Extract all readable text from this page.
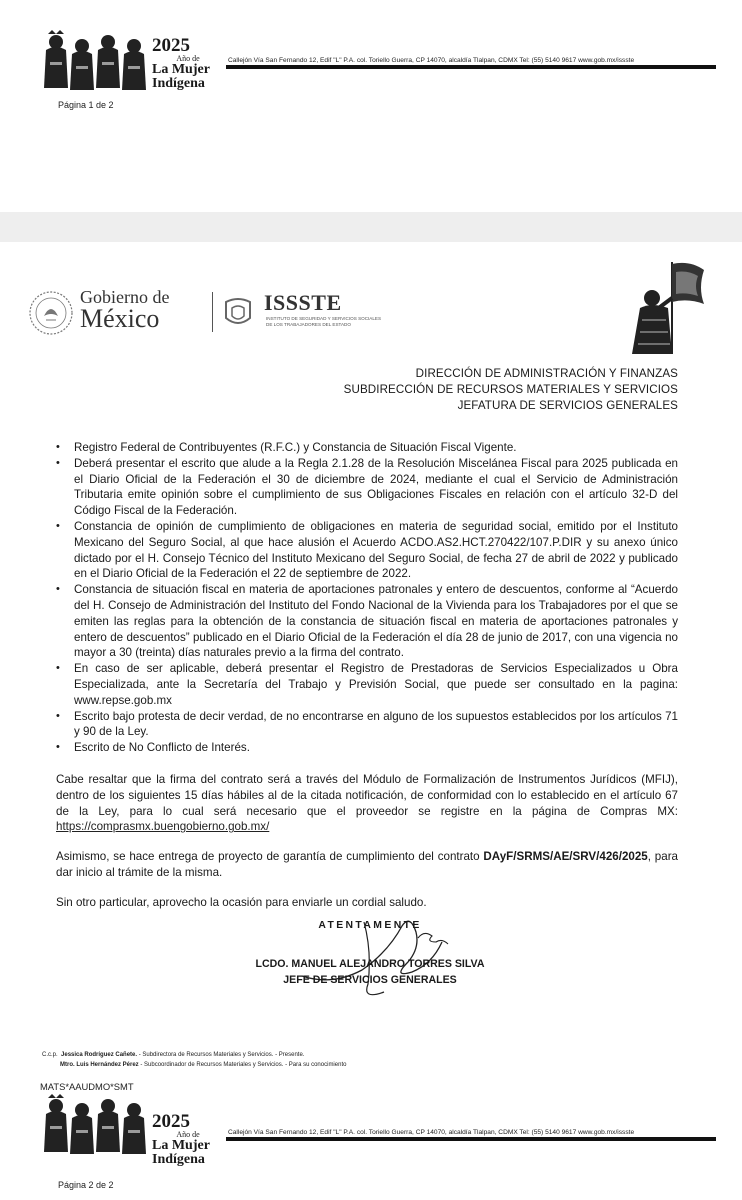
2025
Año de
La Mujer
Indígena
Callejón Vía San Fernando 12, Edif "L" P.A. col. Toriello Guerra, CP 14070, alcaldía Tlalpan, CDMX Tel: (55) 5140 9617 www.gob.mx/issste
Página 1 de 2
Gobierno de
México
ISSSTE
INSTITUTO DE SEGURIDAD Y SERVICIOS SOCIALES DE LOS TRABAJADORES DEL ESTADO
DIRECCIÓN DE ADMINISTRACIÓN Y FINANZAS
SUBDIRECCIÓN DE RECURSOS MATERIALES Y SERVICIOS
JEFATURA DE SERVICIOS GENERALES
• Registro Federal de Contribuyentes (R.F.C.) y Constancia de Situación Fiscal Vigente.
• Deberá presentar el escrito que alude a la Regla 2.1.28 de la Resolución Miscelánea Fiscal para 2025 publicada en el Diario Oficial de la Federación el 30 de diciembre de 2024, mediante el cual el Servicio de Administración Tributaria emite opinión sobre el cumplimiento de sus Obligaciones Fiscales en relación con el artículo 32-D del Código Fiscal de la Federación.
• Constancia de opinión de cumplimiento de obligaciones en materia de seguridad social, emitido por el Instituto Mexicano del Seguro Social, al que hace alusión el Acuerdo ACDO.AS2.HCT.270422/107.P.DIR y su anexo único dictado por el H. Consejo Técnico del Instituto Mexicano del Seguro Social, de fecha 27 de abril de 2022 y publicado en el Diario Oficial de la Federación el 22 de septiembre de 2022.
• Constancia de situación fiscal en materia de aportaciones patronales y entero de descuentos, conforme al “Acuerdo del H. Consejo de Administración del Instituto del Fondo Nacional de la Vivienda para los Trabajadores por el que se emiten las reglas para la obtención de la constancia de situación fiscal en materia de aportaciones patronales y entero de descuentos” publicado en el Diario Oficial de la Federación el día 28 de junio de 2017, con una vigencia no mayor a 30 (treinta) días naturales previo a la firma del contrato.
• En caso de ser aplicable, deberá presentar el Registro de Prestadoras de Servicios Especializados u Obra Especializada, ante la Secretaría del Trabajo y Previsión Social, que puede ser consultado en la pagina: www.repse.gob.mx
• Escrito bajo protesta de decir verdad, de no encontrarse en alguno de los supuestos establecidos por los artículos 71 y 90 de la Ley.
• Escrito de No Conflicto de Interés.

Cabe resaltar que la firma del contrato será a través del Módulo de Formalización de Instrumentos Jurídicos (MFIJ), dentro de los siguientes 15 días hábiles al de la citada notificación, de conformidad con lo establecido en el artículo 67 de la Ley, para lo cual será necesario que el proveedor se registre en la página de Compras MX: https://comprasmx.buengobierno.gob.mx/

Asimismo, se hace entrega de proyecto de garantía de cumplimiento del contrato DAyF/SRMS/AE/SRV/426/2025, para dar inicio al trámite de la misma.

Sin otro particular, aprovecho la ocasión para enviarle un cordial saludo.

ATENTAMENTE
LCDO. MANUEL ALEJANDRO TORRES SILVA
JEFE DE SERVICIOS GENERALES
C.c.p. Jessica Rodríguez Cañete. - Subdirectora de Recursos Materiales y Servicios. - Presente.
Mtro. Luis Hernández Pérez - Subcoordinador de Recursos Materiales y Servicios. - Para su conocimiento
MATS*AAUDMO*SMT
2025
Año de
La Mujer
Indígena
Callejón Vía San Fernando 12, Edif "L" P.A. col. Toriello Guerra, CP 14070, alcaldía Tlalpan, CDMX Tel: (55) 5140 9617 www.gob.mx/issste
Página 2 de 2
